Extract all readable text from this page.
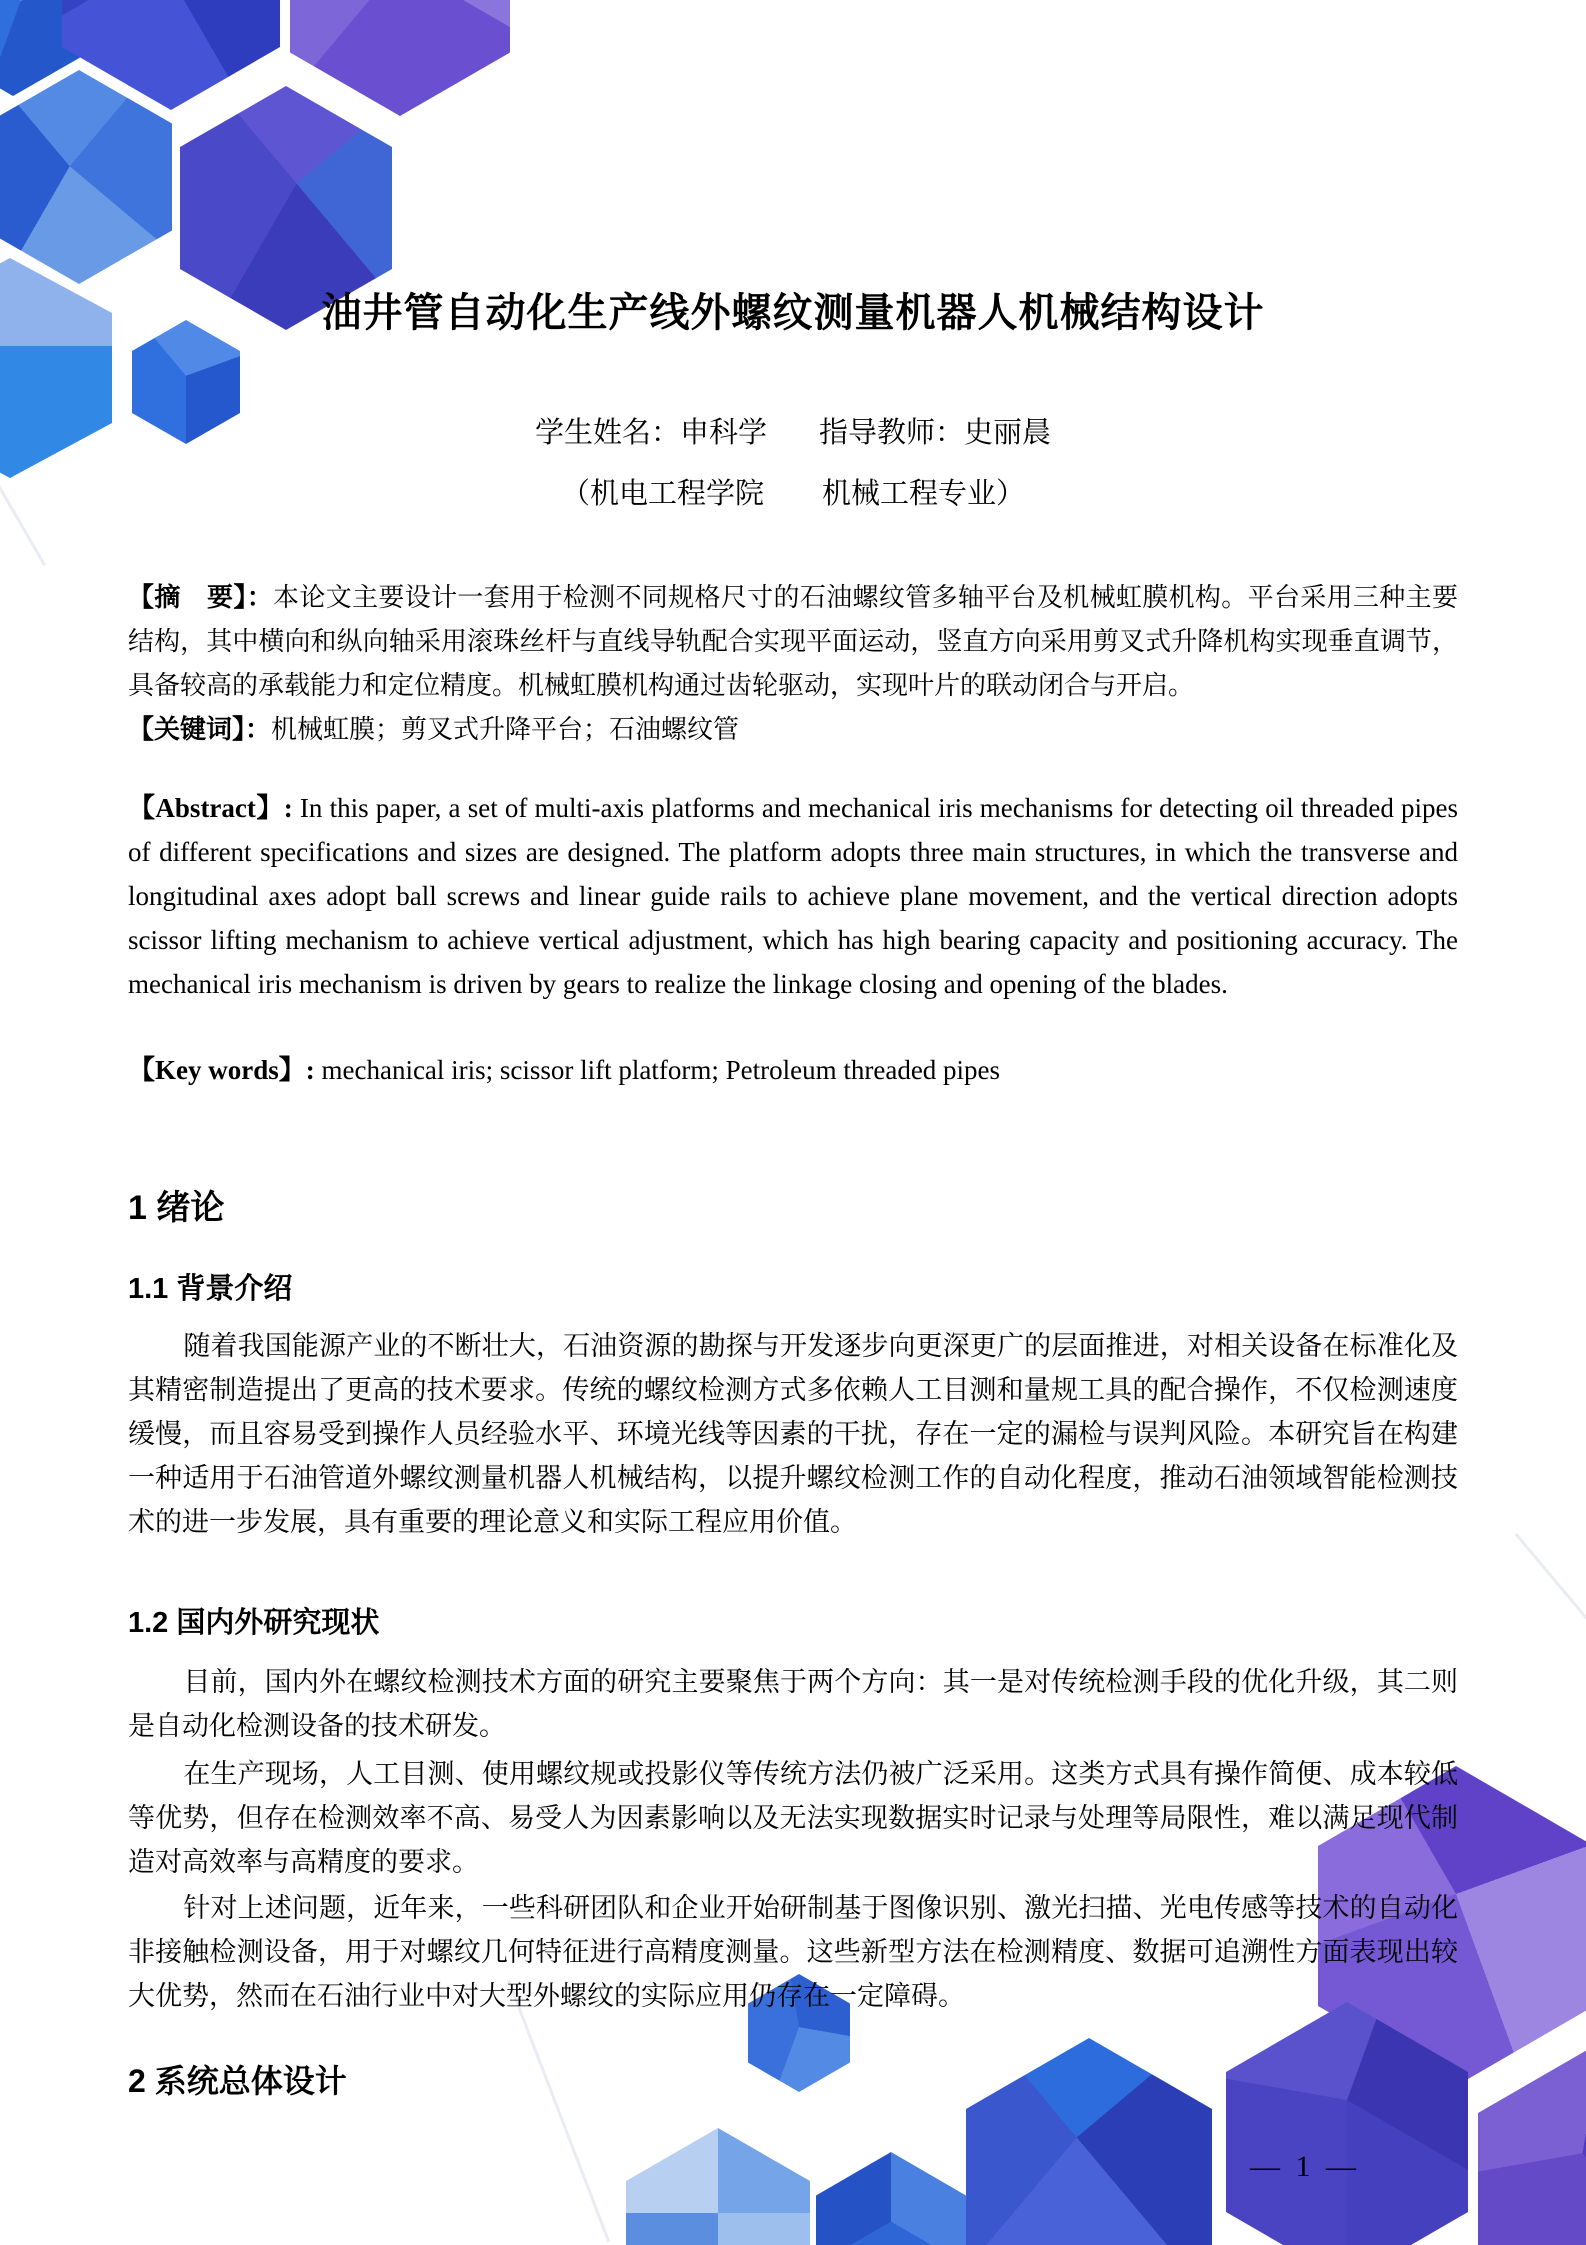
油井管自动化生产线外螺纹测量机器人机械结构设计
学生姓名：申科学 指导教师：史丽晨
（机电工程学院　　机械工程专业）

【摘　要】：本论文主要设计一套用于检测不同规格尺寸的石油螺纹管多轴平台及机械虹膜机构。平台采用三种主要结构，其中横向和纵向轴采用滚珠丝杆与直线导轨配合实现平面运动，竖直方向采用剪叉式升降机构实现垂直调节，具备较高的承载能力和定位精度。机械虹膜机构通过齿轮驱动，实现叶片的联动闭合与开启。

【关键词】：机械虹膜；剪叉式升降平台；石油螺纹管

【Abstract】: In this paper, a set of multi-axis platforms and mechanical iris mechanisms for detecting oil threaded pipes of different specifications and sizes are designed. The platform adopts three main structures, in which the transverse and longitudinal axes adopt ball screws and linear guide rails to achieve plane movement, and the vertical direction adopts scissor lifting mechanism to achieve vertical adjustment, which has high bearing capacity and positioning accuracy. The mechanical iris mechanism is driven by gears to realize the linkage closing and opening of the blades.

【Key words】: mechanical iris; scissor lift platform; Petroleum threaded pipes
1 绪论
1.1 背景介绍

随着我国能源产业的不断壮大，石油资源的勘探与开发逐步向更深更广的层面推进，对相关设备在标准化及其精密制造提出了更高的技术要求。传统的螺纹检测方式多依赖人工目测和量规工具的配合操作，不仅检测速度缓慢，而且容易受到操作人员经验水平、环境光线等因素的干扰，存在一定的漏检与误判风险。本研究旨在构建一种适用于石油管道外螺纹测量机器人机械结构，以提升螺纹检测工作的自动化程度，推动石油领域智能检测技术的进一步发展，具有重要的理论意义和实际工程应用价值。

1.2 国内外研究现状

目前，国内外在螺纹检测技术方面的研究主要聚焦于两个方向：其一是对传统检测手段的优化升级，其二则是自动化检测设备的技术研发。

在生产现场，人工目测、使用螺纹规或投影仪等传统方法仍被广泛采用。这类方式具有操作简便、成本较低等优势，但存在检测效率不高、易受人为因素影响以及无法实现数据实时记录与处理等局限性，难以满足现代制造对高效率与高精度的要求。

针对上述问题，近年来，一些科研团队和企业开始研制基于图像识别、激光扫描、光电传感等技术的自动化非接触检测设备，用于对螺纹几何特征进行高精度测量。这些新型方法在检测精度、数据可追溯性方面表现出较大优势，然而在石油行业中对大型外螺纹的实际应用仍存在一定障碍。

2 系统总体设计
— 1 —
